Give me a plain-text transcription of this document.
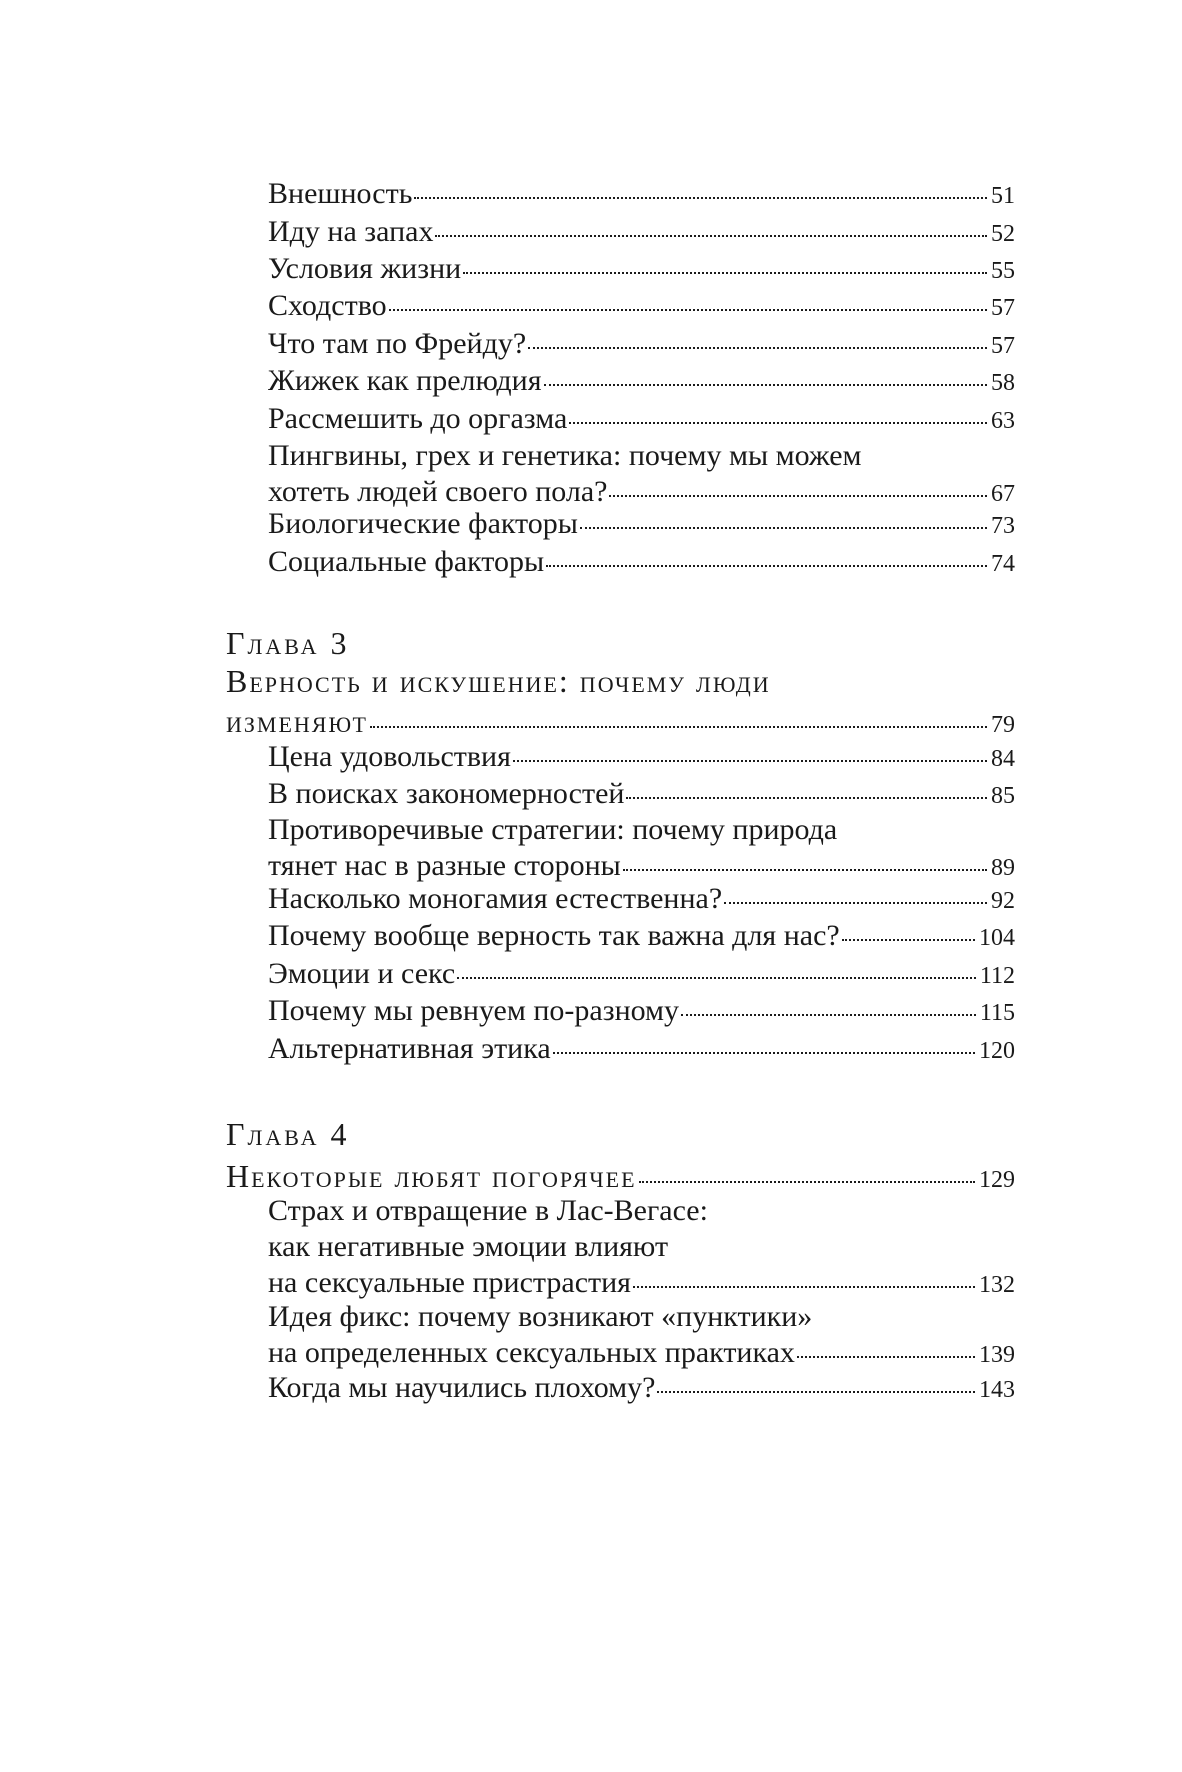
Внешность	51
Иду на запах	52
Условия жизни	55
Сходство	57
Что там по Фрейду?	57
Жижек как прелюдия	58
Рассмешить до оргазма	63
Пингвины, грех и генетика: почему мы можем
хотеть людей своего пола?	67
Биологические факторы	73
Социальные факторы	74
Глава 3
Верность и искушение: почему люди
изменяют	79
Цена удовольствия	84
В поисках закономерностей	85
Противоречивые стратегии: почему природа
тянет нас в разные стороны	89
Насколько моногамия естественна?	92
Почему вообще верность так важна для нас?	104
Эмоции и секс	112
Почему мы ревнуем по-разному	115
Альтернативная этика	120
Глава 4
Некоторые любят погорячее	129
Страх и отвращение в Лас-Вегасе:
как негативные эмоции влияют
на сексуальные пристрастия	132
Идея фикс: почему возникают «пунктики»
на определенных сексуальных практиках	139
Когда мы научились плохому?	143
